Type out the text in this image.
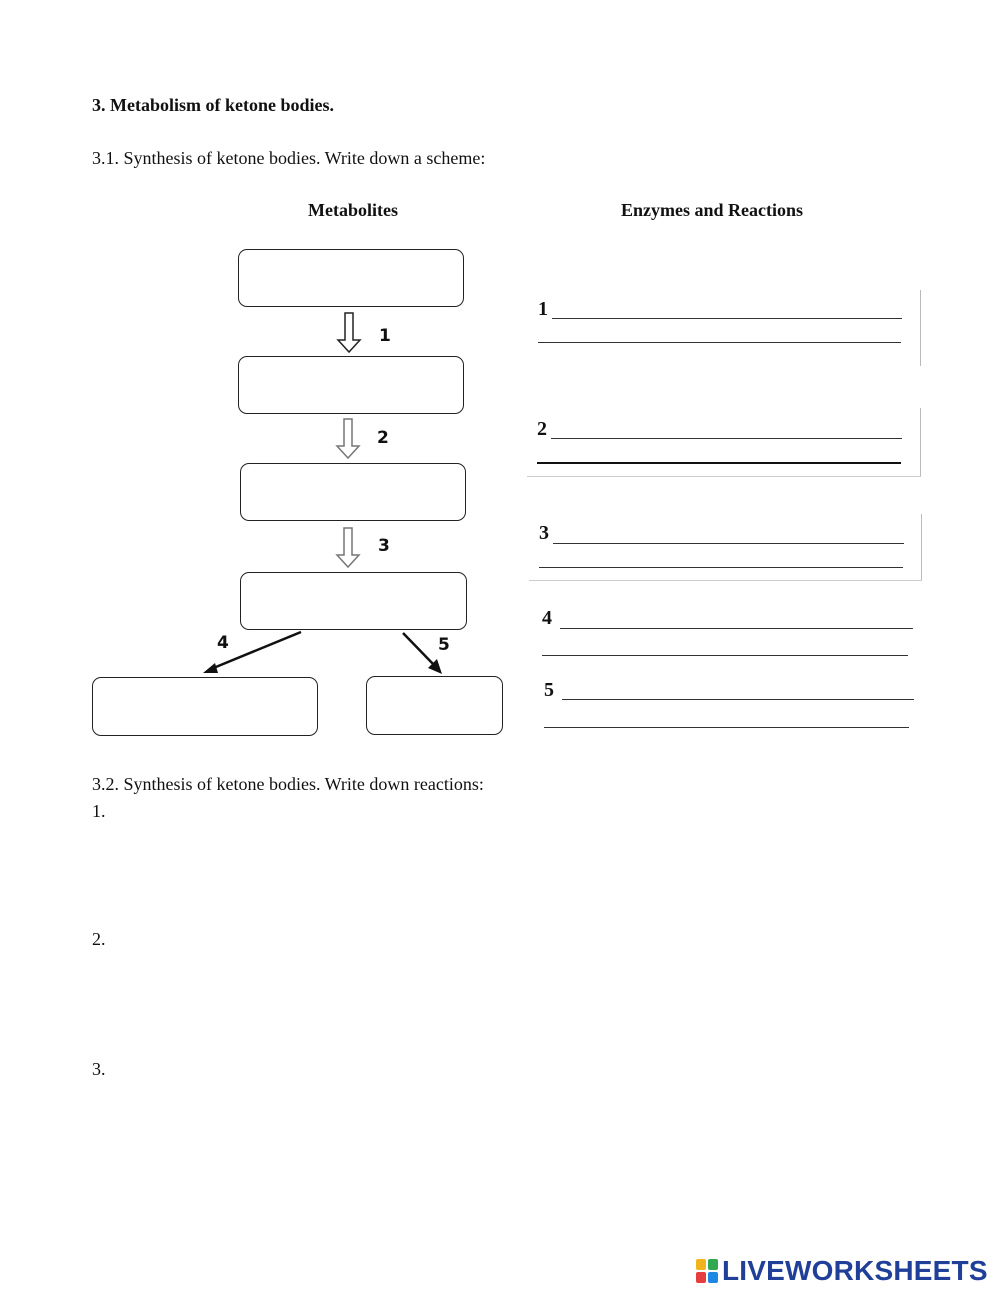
3. Metabolism of ketone bodies.
3.1. Synthesis of ketone bodies. Write down a scheme:
Metabolites	Enzymes and Reactions
1
2
3
4	5
1
2
3
4
5
3.2. Synthesis of ketone bodies. Write down reactions:
1.
2.
3.
LIVEWORKSHEETS
